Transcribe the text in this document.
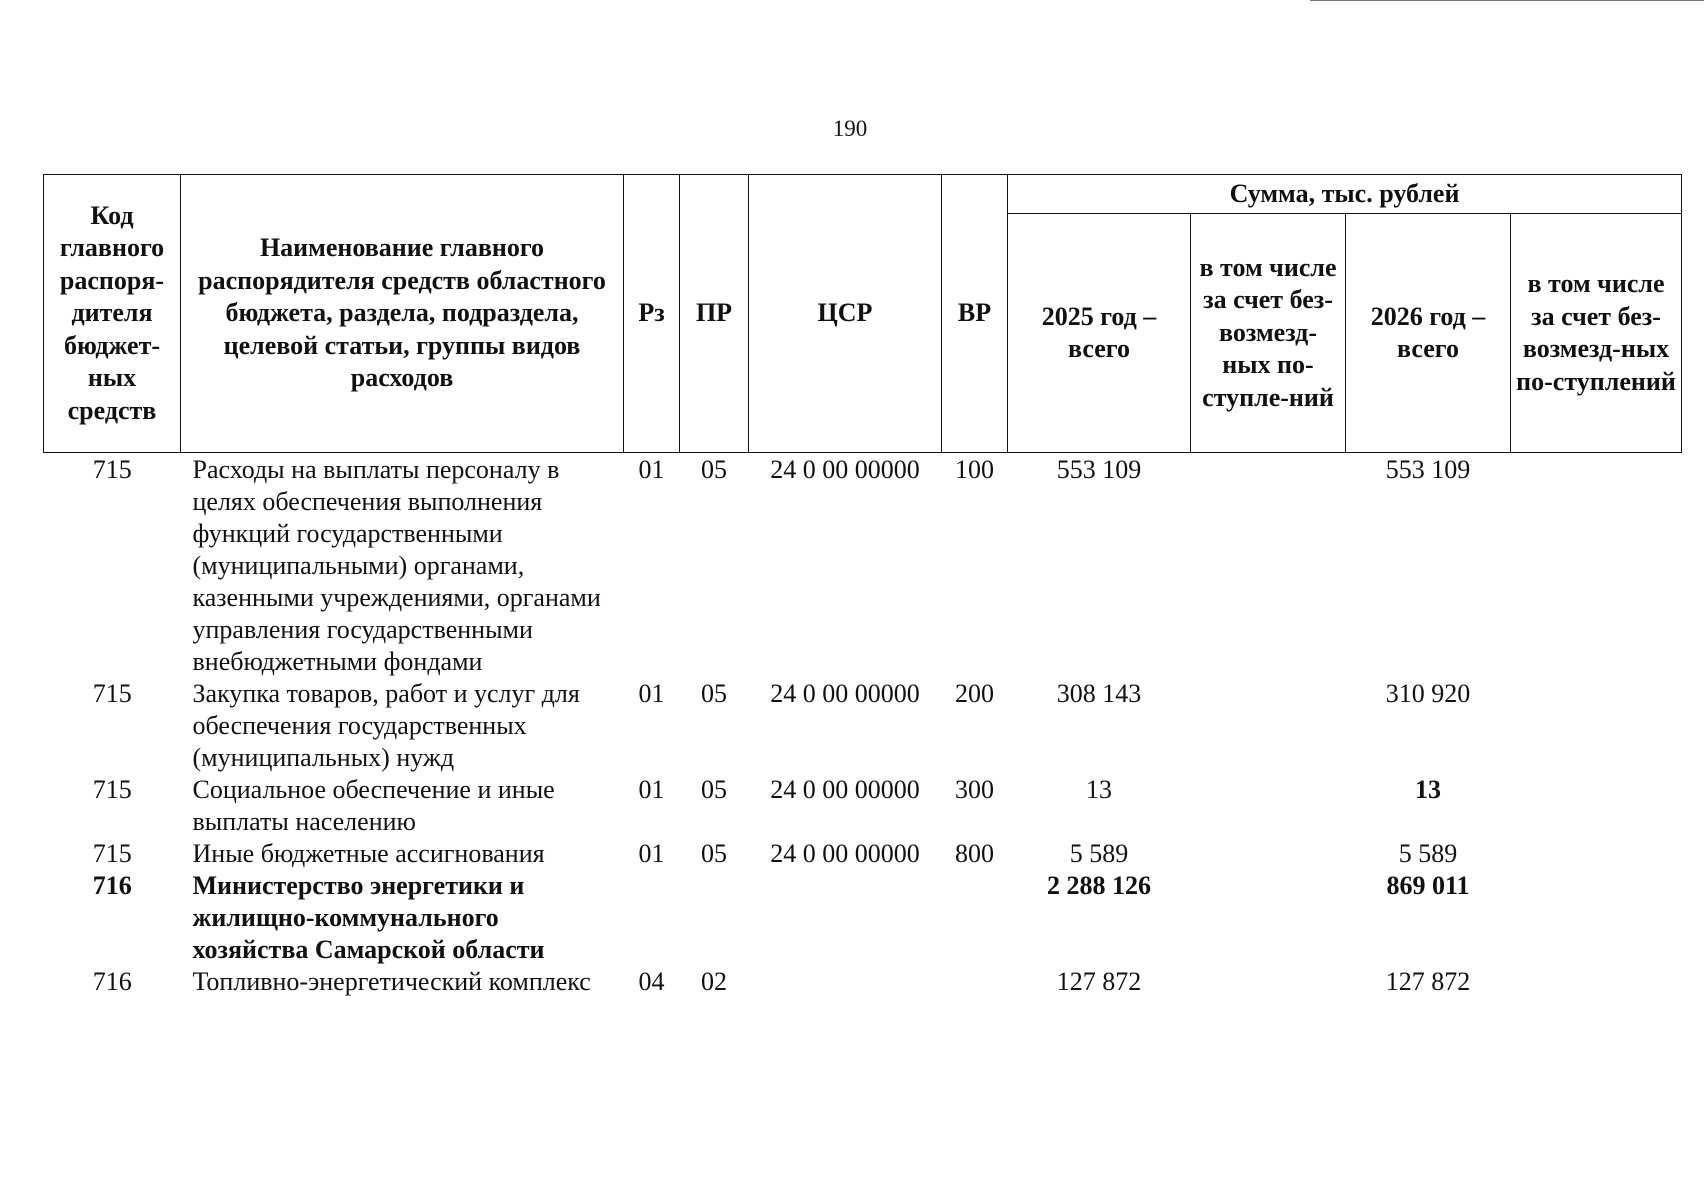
190
Код главного распоря-дителя бюджет-ных средств	Наименование главного распорядителя средств областного бюджета, раздела, подраздела, целевой статьи, группы видов расходов	Рз	ПР	ЦСР	ВР	Сумма, тыс. рублей			
						2025 год – всего	в том числе за счет без-возмезд-ных по-ступле-ний	2026 год – всего	в том числе за счет без-возмезд-ных по-ступлений
715	Расходы на выплаты персоналу в целях обеспечения выполнения функций государственными (муниципальными) органами, казенными учреждениями, органами управления государственными внебюджетными фондами	01	05	24 0 00 00000	100	553 109		553 109	
715	Закупка товаров, работ и услуг для обеспечения государственных (муниципальных) нужд	01	05	24 0 00 00000	200	308 143		310 920	
715	Социальное обеспечение и иные выплаты населению	01	05	24 0 00 00000	300	13		13	
715	Иные бюджетные ассигнования	01	05	24 0 00 00000	800	5 589		5 589	
716	Министерство энергетики и жилищно-коммунального хозяйства Самарской области					2 288 126		869 011	
716	Топливно-энергетический комплекс	04	02			127 872		127 872	
